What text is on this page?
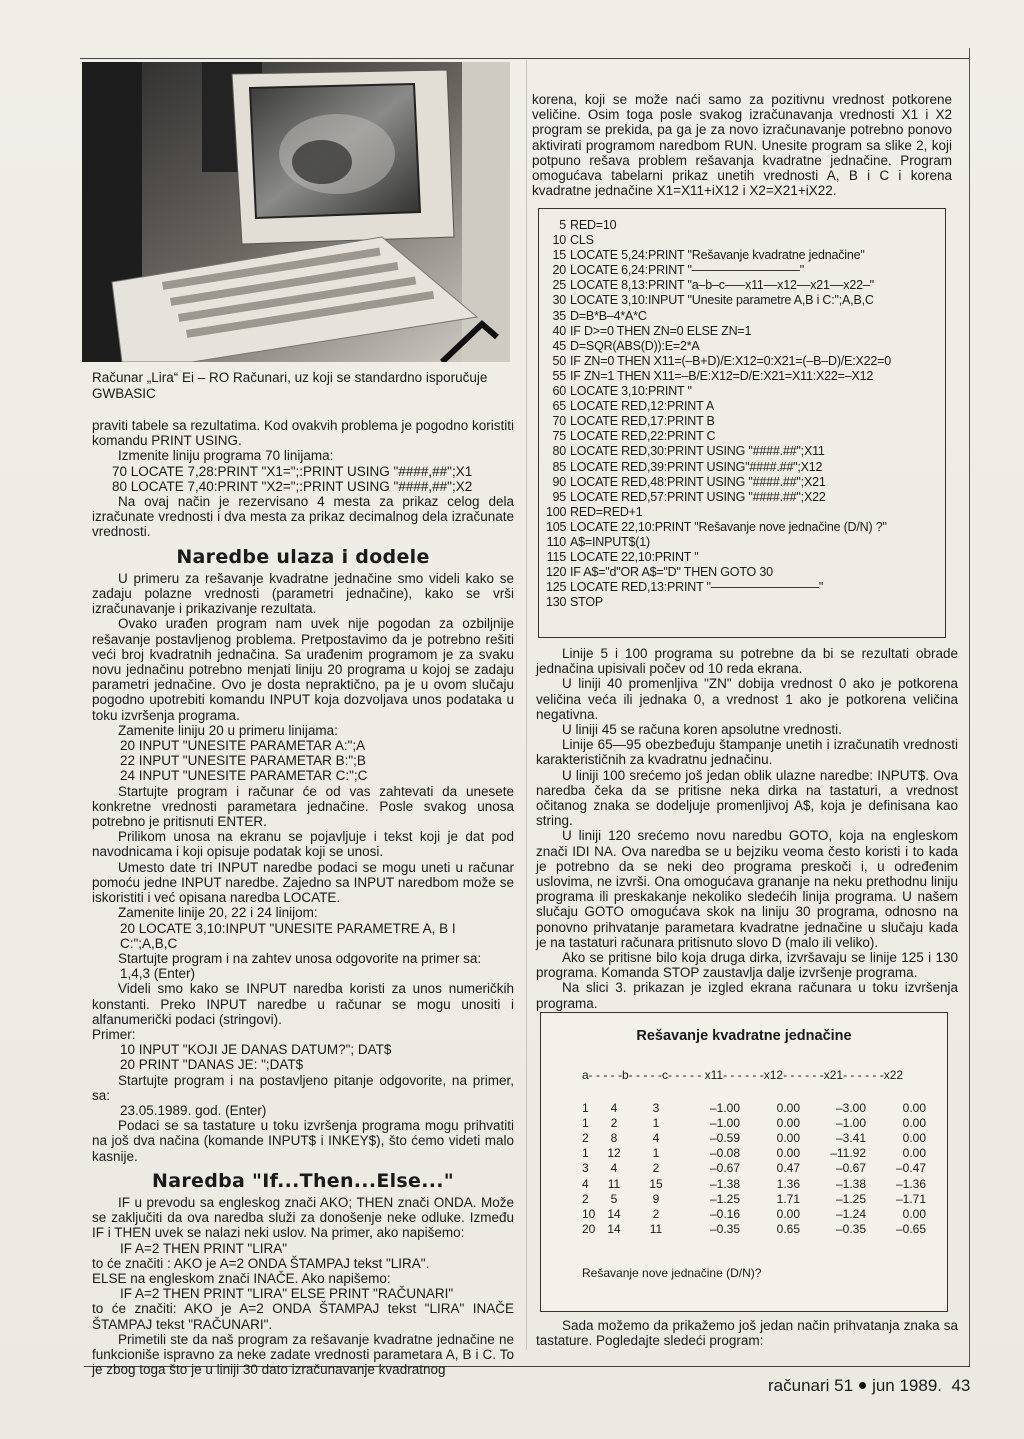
Računar „Lira“ Ei – RO Računari, uz koji se standardno isporučuje GWBASIC

praviti tabele sa rezultatima. Kod ovakvih problema je pogodno koristiti komandu PRINT USING.

Izmenite liniju programa 70 linijama:

70 LOCATE 7,28:PRINT "X1=";:PRINT USING "####,##";X1

80 LOCATE 7,40:PRINT "X2=";:PRINT USING "####,##";X2

Na ovaj način je rezervisano 4 mesta za prikaz celog dela izračunate vrednosti i dva mesta za prikaz decimalnog dela izračunate vrednosti.

Naredbe ulaza i dodele

U primeru za rešavanje kvadratne jednačine smo videli kako se zadaju polazne vrednosti (parametri jednačine), kako se vrši izračunavanje i prikazivanje rezultata.

Ovako urađen program nam uvek nije pogodan za ozbiljnije rešavanje postavljenog problema. Pretpostavimo da je potrebno rešiti veći broj kvadratnih jednačina. Sa urađenim programom je za svaku novu jednačinu potrebno menjati liniju 20 programa u kojoj se zadaju parametri jednačine. Ovo je dosta nepraktično, pa je u ovom slučaju pogodno upotrebiti komandu INPUT koja dozvoljava unos podataka u toku izvršenja programa.

Zamenite liniju 20 u primeru linijama:

20 INPUT "UNESITE PARAMETAR A:";A

22 INPUT "UNESITE PARAMETAR B:";B

24 INPUT "UNESITE PARAMETAR C:";C

Startujte program i računar će od vas zahtevati da unesete konkretne vrednosti parametara jednačine. Posle svakog unosa potrebno je pritisnuti ENTER.

Prilikom unosa na ekranu se pojavljuje i tekst koji je dat pod navodnicama i koji opisuje podatak koji se unosi.

Umesto date tri INPUT naredbe podaci se mogu uneti u računar pomoću jedne INPUT naredbe. Zajedno sa INPUT naredbom može se iskoristiti i već opisana naredba LOCATE.

Zamenite linije 20, 22 i 24 linijom:

20 LOCATE 3,10:INPUT "UNESITE PARAMETRE A, B I C:";A,B,C

Startujte program i na zahtev unosa odgovorite na primer sa:

1,4,3 (Enter)

Videli smo kako se INPUT naredba koristi za unos numeričkih konstanti. Preko INPUT naredbe u računar se mogu unositi i alfanumerički podaci (stringovi).

Primer:

10 INPUT "KOJI JE DANAS DATUM?"; DAT$

20 PRINT "DANAS JE: ";DAT$

Startujte program i na postavljeno pitanje odgovorite, na primer, sa:

23.05.1989. god. (Enter)

Podaci se sa tastature u toku izvršenja programa mogu prihvatiti na još dva načina (komande INPUT$ i INKEY$), što ćemo videti malo kasnije.

Naredba "If...Then...Else..."

IF u prevodu sa engleskog znači AKO; THEN znači ONDA. Može se zaključiti da ova naredba služi za donošenje neke odluke. Između IF i THEN uvek se nalazi neki uslov. Na primer, ako napišemo:

IF A=2 THEN PRINT "LIRA"

to će značiti : AKO je A=2 ONDA ŠTAMPAJ tekst "LIRA".

ELSE na engleskom znači INAČE. Ako napišemo:

IF A=2 THEN PRINT "LIRA" ELSE PRINT "RAČUNARI"

to će značiti: AKO je A=2 ONDA ŠTAMPAJ tekst "LIRA" INAČE ŠTAMPAJ tekst "RAČUNARI".

Primetili ste da naš program za rešavanje kvadratne jednačine ne funkcioniše ispravno za neke zadate vrednosti parametara A, B i C. To je zbog toga što je u liniji 30 dato izračunavanje kvadratnog

korena, koji se može naći samo za pozitivnu vrednost potkorene veličine. Osim toga posle svakog izračunavanja vrednosti X1 i X2 program se prekida, pa ga je za novo izračunavanje potrebno ponovo aktivirati programom naredbom RUN. Unesite program sa slike 2, koji potpuno rešava problem rešavanja kvadratne jednačine. Program omogućava tabelarni prikaz unetih vrednosti A, B i C i korena kvadratne jednačine X1=X11+iX12 i X2=X21+iX22.

5 RED=10
10 CLS
15 LOCATE 5,24:PRINT "Rešavanje kvadratne jednačine"
20 LOCATE 6,24:PRINT "––––––––––––––––"
25 LOCATE 8,13:PRINT "a–b–c–––x11––x12––x21––x22–"
30 LOCATE 3,10:INPUT "Unesite parametre A,B i C:";A,B,C
35 D=B*B–4*A*C
40 IF D>=0 THEN ZN=0 ELSE ZN=1
45 D=SQR(ABS(D)):E=2*A
50 IF ZN=0 THEN X11=(–B+D)/E:X12=0:X21=(–B–D)/E:X22=0
55 IF ZN=1 THEN X11=–B/E:X12=D/E:X21=X11:X22=–X12
60 LOCATE 3,10:PRINT "
65 LOCATE RED,12:PRINT A
70 LOCATE RED,17:PRINT B
75 LOCATE RED,22:PRINT C
80 LOCATE RED,30:PRINT USING "####.##";X11
85 LOCATE RED,39:PRINT USING"####.##";X12
90 LOCATE RED,48:PRINT USING "####.##";X21
95 LOCATE RED,57:PRINT USING "####.##";X22
100 RED=RED+1
105 LOCATE 22,10:PRINT "Rešavanje nove jednačine (D/N) ?"
110 A$=INPUT$(1)
115 LOCATE 22,10:PRINT "
120 IF A$="d"OR A$="D" THEN GOTO 30
125 LOCATE RED,13:PRINT "––––––––––––––––"
130 STOP

Linije 5 i 100 programa su potrebne da bi se rezultati obrade jednačina upisivali počev od 10 reda ekrana.

U liniji 40 promenljiva "ZN" dobija vrednost 0 ako je potkorena veličina veća ili jednaka 0, a vrednost 1 ako je potkorena veličina negativna.

U liniji 45 se računa koren apsolutne vrednosti.

Linije 65—95 obezbeđuju štampanje unetih i izračunatih vrednosti karakterističnih za kvadratnu jednačinu.

U liniji 100 srećemo još jedan oblik ulazne naredbe: INPUT$. Ova naredba čeka da se pritisne neka dirka na tastaturi, a vrednost očitanog znaka se dodeljuje promenljivoj A$, koja je definisana kao string.

U liniji 120 srećemo novu naredbu GOTO, koja na engleskom znači IDI NA. Ova naredba se u bejziku veoma često koristi i to kada je potrebno da se neki deo programa preskoči i, u određenim uslovima, ne izvrši. Ona omogućava grananje na neku prethodnu liniju programa ili preskakanje nekoliko sledećih linija programa. U našem slučaju GOTO omogućava skok na liniju 30 programa, odnosno na ponovno prihvatanje parametara kvadratne jednačine u slučaju kada je na tastaturi računara pritisnuto slovo D (malo ili veliko).

Ako se pritisne bilo koja druga dirka, izvršavaju se linije 125 i 130 programa. Komanda STOP zaustavlja dalje izvršenje programa.

Na slici 3. prikazan je izgled ekrana računara u toku izvršenja programa.

Rešavanje kvadratne jednačine
a- - - - -b- - - - -c- - - - - x11- - - - - -x12- - - - - -x21- - - - - -x22
1	4	3	–1.00	0.00	–3.00	0.00
1	2	1	–1.00	0.00	–1.00	0.00
2	8	4	–0.59	0.00	–3.41	0.00
1	12	1	–0.08	0.00	–11.92	0.00
3	4	2	–0.67	0.47	–0.67	–0.47
4	11	15	–1.38	1.36	–1.38	–1.36
2	5	9	–1.25	1.71	–1.25	–1.71
10	14	2	–0.16	0.00	–1.24	0.00
20	14	11	–0.35	0.65	–0.35	–0.65
Rešavanje nove jednačine (D/N)?

Sada možemo da prikažemo još jedan način prihvatanja znaka sa tastature. Pogledajte sledeći program:

računari 51 jun 1989. 43
